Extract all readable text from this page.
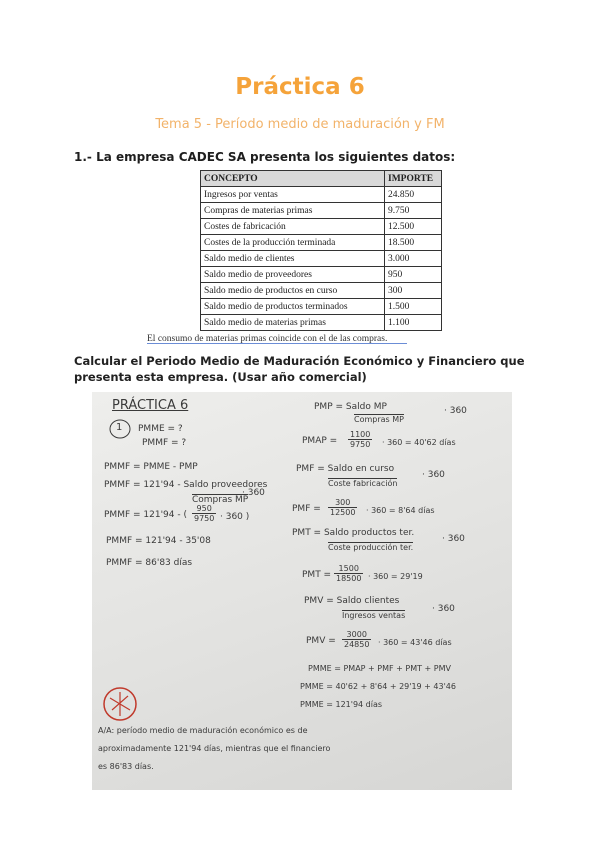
Práctica 6
Tema 5 - Período medio de maduración y FM
1.- La empresa CADEC SA presenta los siguientes datos:
CONCEPTO	IMPORTE
Ingresos por ventas	24.850
Compras de materias primas	9.750
Costes de fabricación	12.500
Costes de la producción terminada	18.500
Saldo medio de clientes	3.000
Saldo medio de proveedores	950
Saldo medio de productos en curso	300
Saldo medio de productos terminados	1.500
Saldo medio de materias primas	1.100
El consumo de materias primas coincide con el de las compras.
Calcular el Periodo Medio de Maduración Económico y Financiero que
presenta esta empresa. (Usar año comercial)
PRÁCTICA 6
1 PMME = ?
PMMF = ?
PMMF = PMME - PMP
PMMF = 121'94 - Saldo proveedores
Compras MP
· 360
PMMF = 121'94 - ( $\frac{950}{9750} \cdot 360$ )
PMMF = 121'94 - 35'08
PMMF = 86'83 días
PMP = Saldo MP
Compras MP
· 360
PMAP = $\frac{1100}{9750} \cdot 360 = 40'62$ días
PMF = Saldo en curso
Coste fabricación
· 360
PMF = $\frac{300}{12500} \cdot 360 = 8'64$ días
PMT = Saldo productos ter.
Coste producción ter.
· 360
PMT = $\frac{1500}{18500} \cdot 360 = 29'19$
PMV = Saldo clientes
Ingresos ventas
· 360
PMV = $\frac{3000}{24850} \cdot 360 = 43'46$ días
PMME = PMAP + PMF + PMT + PMV
PMME = 40'62 + 8'64 + 29'19 + 43'46
PMME = 121'94 días
A/A: período medio de maduración económico es de
aproximadamente 121'94 días, mientras que el financiero
es 86'83 días.
